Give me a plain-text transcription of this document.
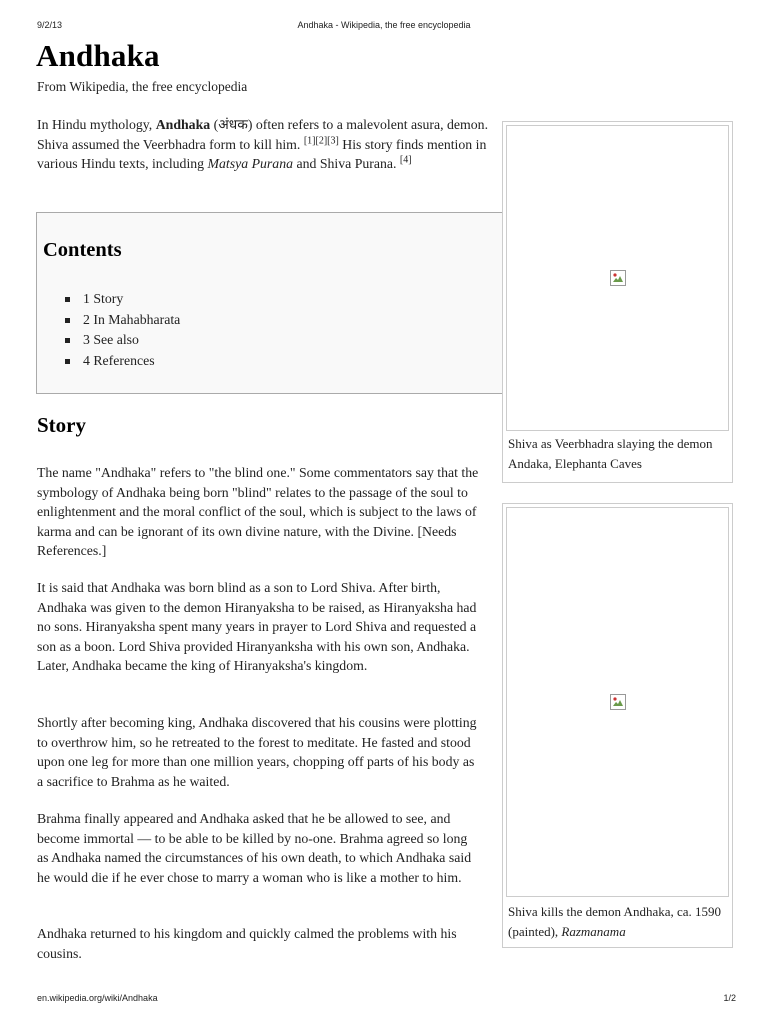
9/2/13	Andhaka - Wikipedia, the free encyclopedia
Andhaka
From Wikipedia, the free encyclopedia

In Hindu mythology, Andhaka (अंधक) often refers to a malevolent asura, demon. Shiva assumed the Veerbhadra form to kill him. [1][2][3] His story finds mention in various Hindu texts, including Matsya Purana and Shiva Purana. [4]

Contents
1 Story
2 In Mahabharata
3 See also
4 References
Story

The name "Andhaka" refers to "the blind one." Some commentators say that the symbology of Andhaka being born "blind" relates to the passage of the soul to enlightenment and the moral conflict of the soul, which is subject to the laws of karma and can be ignorant of its own divine nature, with the Divine. [Needs References.]

It is said that Andhaka was born blind as a son to Lord Shiva. After birth, Andhaka was given to the demon Hiranyaksha to be raised, as Hiranyaksha had no sons. Hiranyaksha spent many years in prayer to Lord Shiva and requested a son as a boon. Lord Shiva provided Hiranyanksha with his own son, Andhaka. Later, Andhaka became the king of Hiranyaksha's kingdom.

Shortly after becoming king, Andhaka discovered that his cousins were plotting to overthrow him, so he retreated to the forest to meditate. He fasted and stood upon one leg for more than one million years, chopping off parts of his body as a sacrifice to Brahma as he waited.

Brahma finally appeared and Andhaka asked that he be allowed to see, and become immortal — to be able to be killed by no-one. Brahma agreed so long as Andhaka named the circumstances of his own death, to which Andhaka said he would die if he ever chose to marry a woman who is like a mother to him.

Andhaka returned to his kingdom and quickly calmed the problems with his cousins.

Shiva as Veerbhadra slaying the demon Andaka, Elephanta Caves
Shiva kills the demon Andhaka, ca. 1590 (painted), Razmanama
en.wikipedia.org/wiki/Andhaka	1/2
